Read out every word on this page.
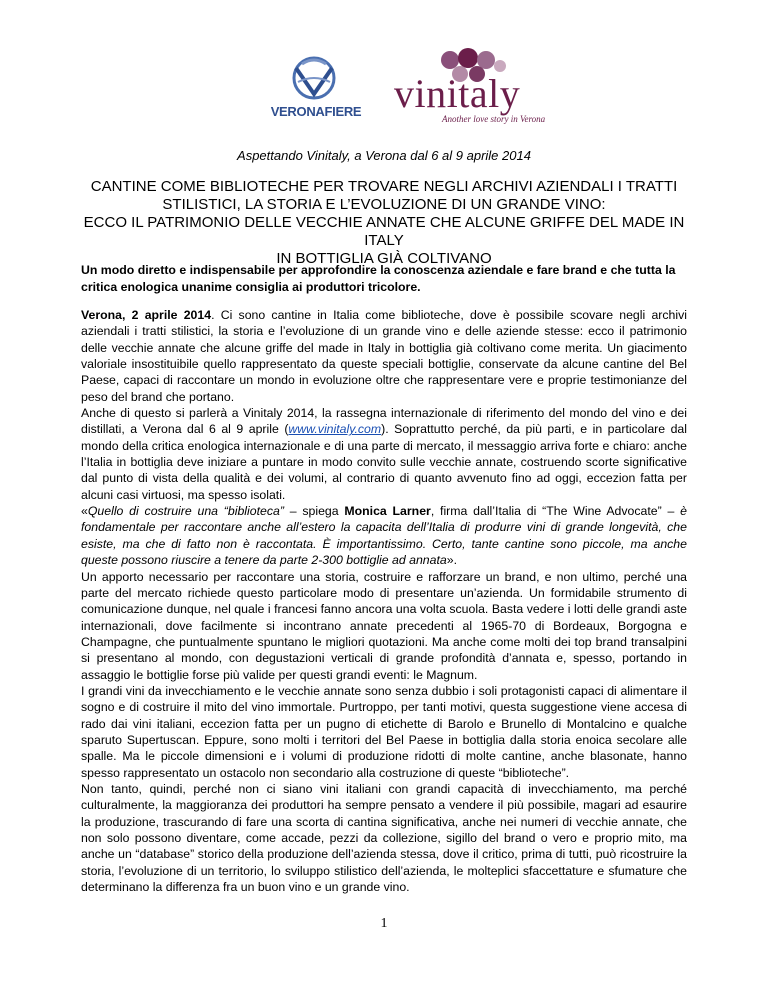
VERONAFIERE vinitaly
Another love story in Verona
Aspettando Vinitaly, a Verona dal 6 al 9 aprile 2014
CANTINE COME BIBLIOTECHE PER TROVARE NEGLI ARCHIVI AZIENDALI I TRATTI
STILISTICI, LA STORIA E L’EVOLUZIONE DI UN GRANDE VINO:
ECCO IL PATRIMONIO DELLE VECCHIE ANNATE CHE ALCUNE GRIFFE DEL MADE IN ITALY
IN BOTTIGLIA GIÀ COLTIVANO
Un modo diretto e indispensabile per approfondire la conoscenza aziendale e fare brand e che tutta la critica enologica unanime consiglia ai produttori tricolore.

Verona, 2 aprile 2014. Ci sono cantine in Italia come biblioteche, dove è possibile scovare negli archivi aziendali i tratti stilistici, la storia e l’evoluzione di un grande vino e delle aziende stesse: ecco il patrimonio delle vecchie annate che alcune griffe del made in Italy in bottiglia già coltivano come merita. Un giacimento valoriale insostituibile quello rappresentato da queste speciali bottiglie, conservate da alcune cantine del Bel Paese, capaci di raccontare un mondo in evoluzione oltre che rappresentare vere e proprie testimonianze del peso del brand che portano.

Anche di questo si parlerà a Vinitaly 2014, la rassegna internazionale di riferimento del mondo del vino e dei distillati, a Verona dal 6 al 9 aprile (www.vinitaly.com). Soprattutto perché, da più parti, e in particolare dal mondo della critica enologica internazionale e di una parte di mercato, il messaggio arriva forte e chiaro: anche l’Italia in bottiglia deve iniziare a puntare in modo convito sulle vecchie annate, costruendo scorte significative dal punto di vista della qualità e dei volumi, al contrario di quanto avvenuto fino ad oggi, eccezion fatta per alcuni casi virtuosi, ma spesso isolati.

«Quello di costruire una “biblioteca” – spiega Monica Larner, firma dall’Italia di “The Wine Advocate” – è fondamentale per raccontare anche all’estero la capacita dell’Italia di produrre vini di grande longevità, che esiste, ma che di fatto non è raccontata. È importantissimo. Certo, tante cantine sono piccole, ma anche queste possono riuscire a tenere da parte 2-300 bottiglie ad annata».

Un apporto necessario per raccontare una storia, costruire e rafforzare un brand, e non ultimo, perché una parte del mercato richiede questo particolare modo di presentare un’azienda. Un formidabile strumento di comunicazione dunque, nel quale i francesi fanno ancora una volta scuola. Basta vedere i lotti delle grandi aste internazionali, dove facilmente si incontrano annate precedenti al 1965-70 di Bordeaux, Borgogna e Champagne, che puntualmente spuntano le migliori quotazioni. Ma anche come molti dei top brand transalpini si presentano al mondo, con degustazioni verticali di grande profondità d’annata e, spesso, portando in assaggio le bottiglie forse più valide per questi grandi eventi: le Magnum.

I grandi vini da invecchiamento e le vecchie annate sono senza dubbio i soli protagonisti capaci di alimentare il sogno e di costruire il mito del vino immortale. Purtroppo, per tanti motivi, questa suggestione viene accesa di rado dai vini italiani, eccezion fatta per un pugno di etichette di Barolo e Brunello di Montalcino e qualche sparuto Supertuscan. Eppure, sono molti i territori del Bel Paese in bottiglia dalla storia enoica secolare alle spalle. Ma le piccole dimensioni e i volumi di produzione ridotti di molte cantine, anche blasonate, hanno spesso rappresentato un ostacolo non secondario alla costruzione di queste “biblioteche”.

Non tanto, quindi, perché non ci siano vini italiani con grandi capacità di invecchiamento, ma perché culturalmente, la maggioranza dei produttori ha sempre pensato a vendere il più possibile, magari ad esaurire la produzione, trascurando di fare una scorta di cantina significativa, anche nei numeri di vecchie annate, che non solo possono diventare, come accade, pezzi da collezione, sigillo del brand o vero e proprio mito, ma anche un “database” storico della produzione dell’azienda stessa, dove il critico, prima di tutti, può ricostruire la storia, l’evoluzione di un territorio, lo sviluppo stilistico dell’azienda, le molteplici sfaccettature e sfumature che determinano la differenza fra un buon vino e un grande vino.

1
